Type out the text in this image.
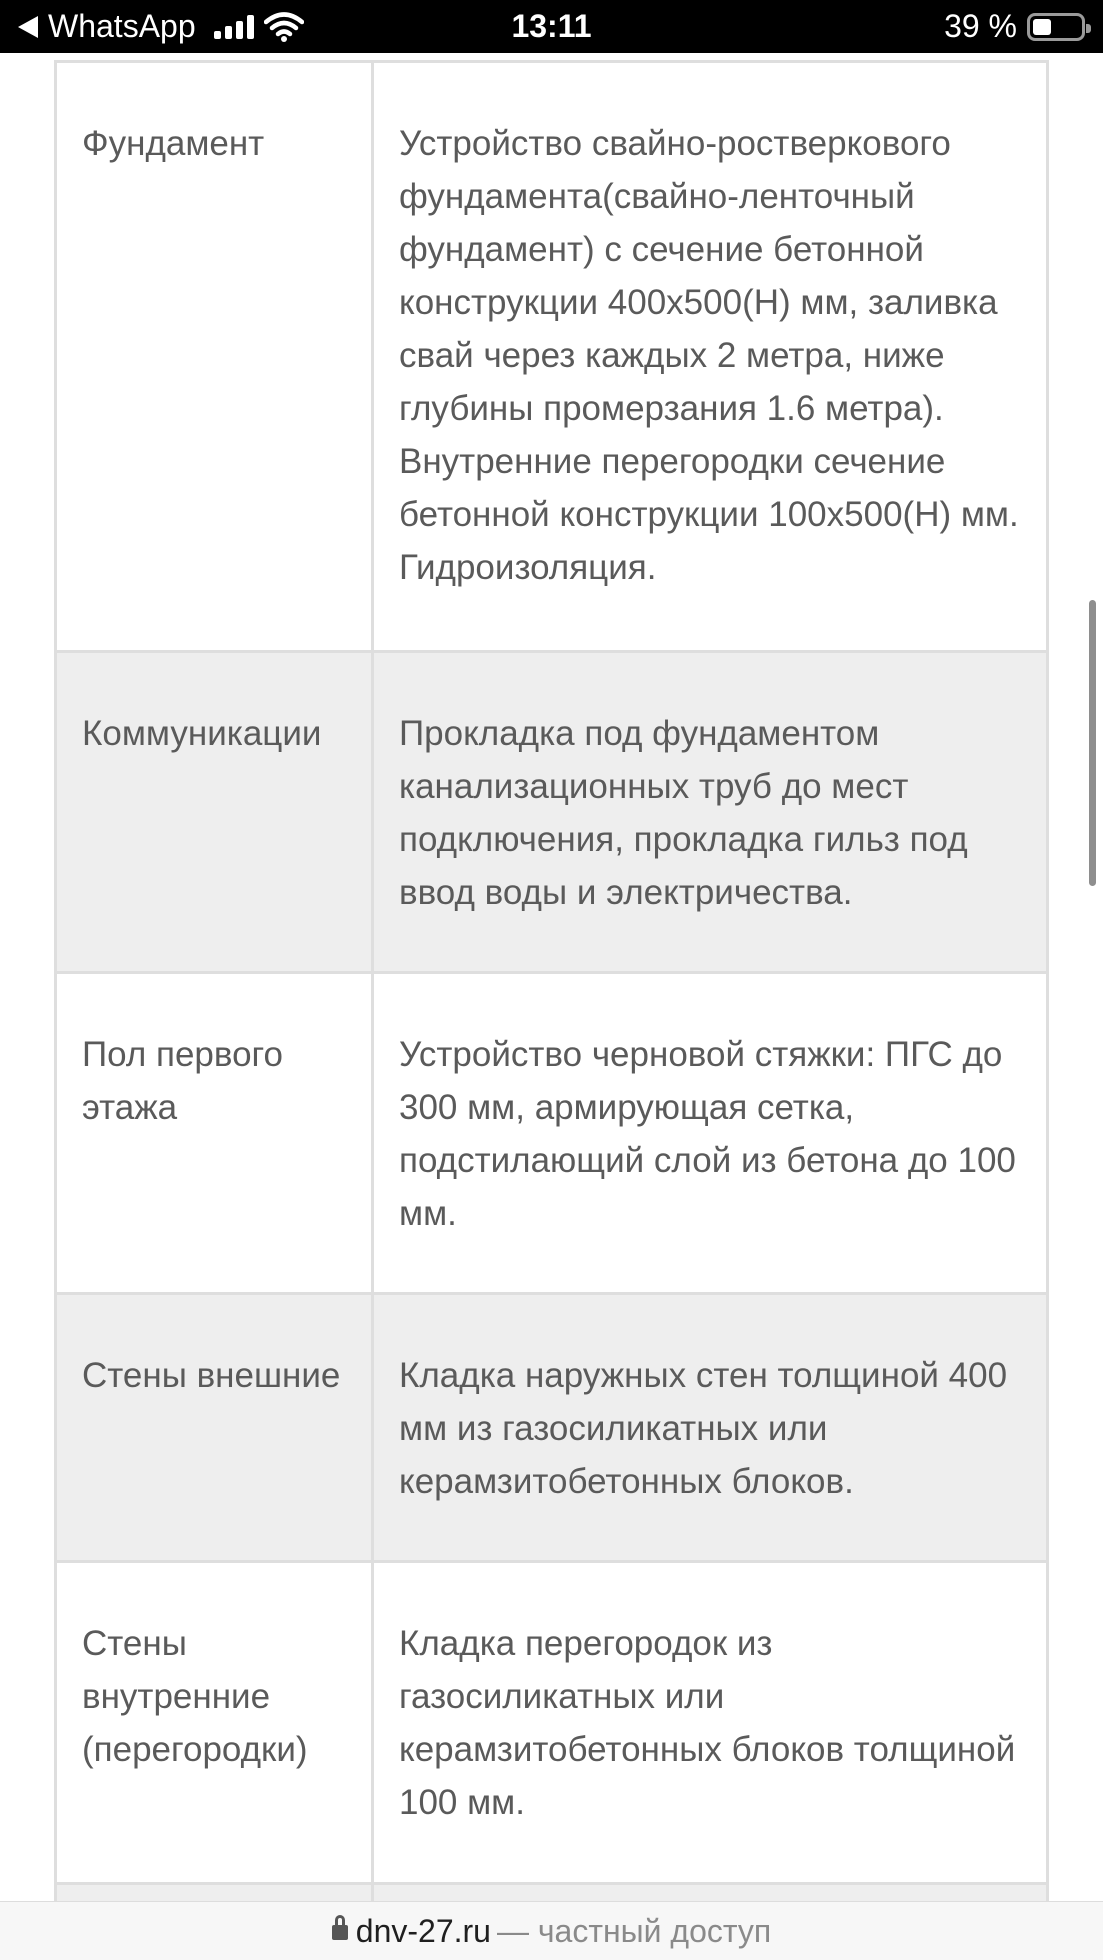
WhatsApp	13:11	39 %
Фундамент	Устройство свайно-ростверкового фундамента(свайно-ленточный фундамент) с сечение бетонной конструкции 400х500(Н) мм, заливка свай через каждых 2 метра, ниже глубины промерзания 1.6 метра). Внутренние перегородки сечение бетонной конструкции 100х500(Н) мм. Гидроизоляция.
Коммуникации	Прокладка под фундаментом канализационных труб до мест подключения, прокладка гильз под ввод воды и электричества.
Пол первого этажа	Устройство черновой стяжки: ПГС до 300 мм, армирующая сетка, подстилающий слой из бетона до 100 мм.
Стены внешние	Кладка наружных стен толщиной 400 мм из газосиликатных или керамзитобетонных блоков.
Стены внутренние (перегородки)	Кладка перегородок из газосиликатных или керамзитобетонных блоков толщиной 100 мм.

dnv-27.ru — частный доступ
